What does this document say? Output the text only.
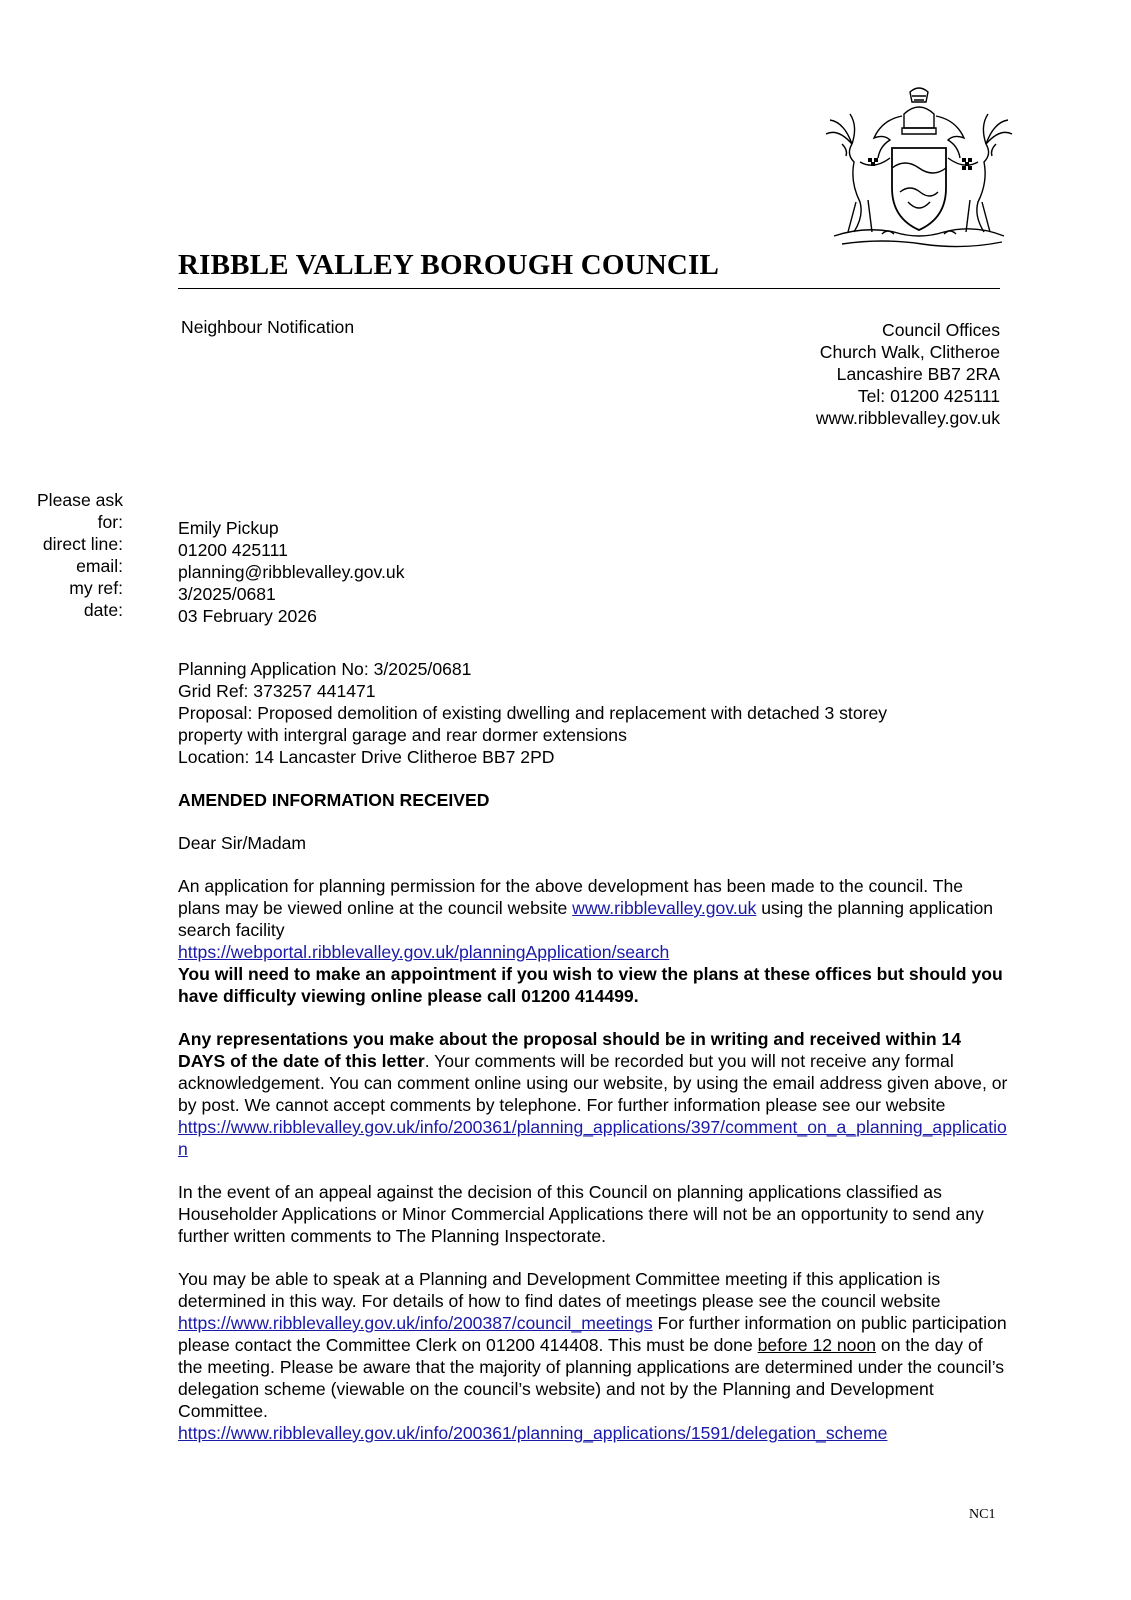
RIBBLE VALLEY BOROUGH COUNCIL
Neighbour Notification	Council Offices
Church Walk, Clitheroe
Lancashire BB7 2RA
Tel: 01200 425111
www.ribblevalley.gov.uk
Please ask
for:
direct line:
email:
my ref:
date:
Emily Pickup
01200 425111
planning@ribblevalley.gov.uk
3/2025/0681
03 February 2026

Planning Application No: 3/2025/0681

Grid Ref: 373257 441471

Proposal: Proposed demolition of existing dwelling and replacement with detached 3 storey

property with intergral garage and rear dormer extensions

Location: 14 Lancaster Drive Clitheroe BB7 2PD

AMENDED INFORMATION RECEIVED

Dear Sir/Madam

An application for planning permission for the above development has been made to the council. The plans may be viewed online at the council website www.ribblevalley.gov.uk using the planning application search facility
https://webportal.ribblevalley.gov.uk/planningApplication/search
You will need to make an appointment if you wish to view the plans at these offices but should you have difficulty viewing online please call 01200 414499.

Any representations you make about the proposal should be in writing and received within 14 DAYS of the date of this letter. Your comments will be recorded but you will not receive any formal acknowledgement. You can comment online using our website, by using the email address given above, or by post. We cannot accept comments by telephone. For further information please see our website
https://www.ribblevalley.gov.uk/info/200361/planning_applications/397/comment_on_a_planning_application

In the event of an appeal against the decision of this Council on planning applications classified as Householder Applications or Minor Commercial Applications there will not be an opportunity to send any further written comments to The Planning Inspectorate.

You may be able to speak at a Planning and Development Committee meeting if this application is determined in this way. For details of how to find dates of meetings please see the council website https://www.ribblevalley.gov.uk/info/200387/council_meetings For further information on public participation please contact the Committee Clerk on 01200 414408. This must be done before 12 noon on the day of the meeting. Please be aware that the majority of planning applications are determined under the council’s delegation scheme (viewable on the council’s website) and not by the Planning and Development Committee.
https://www.ribblevalley.gov.uk/info/200361/planning_applications/1591/delegation_scheme

NC1
